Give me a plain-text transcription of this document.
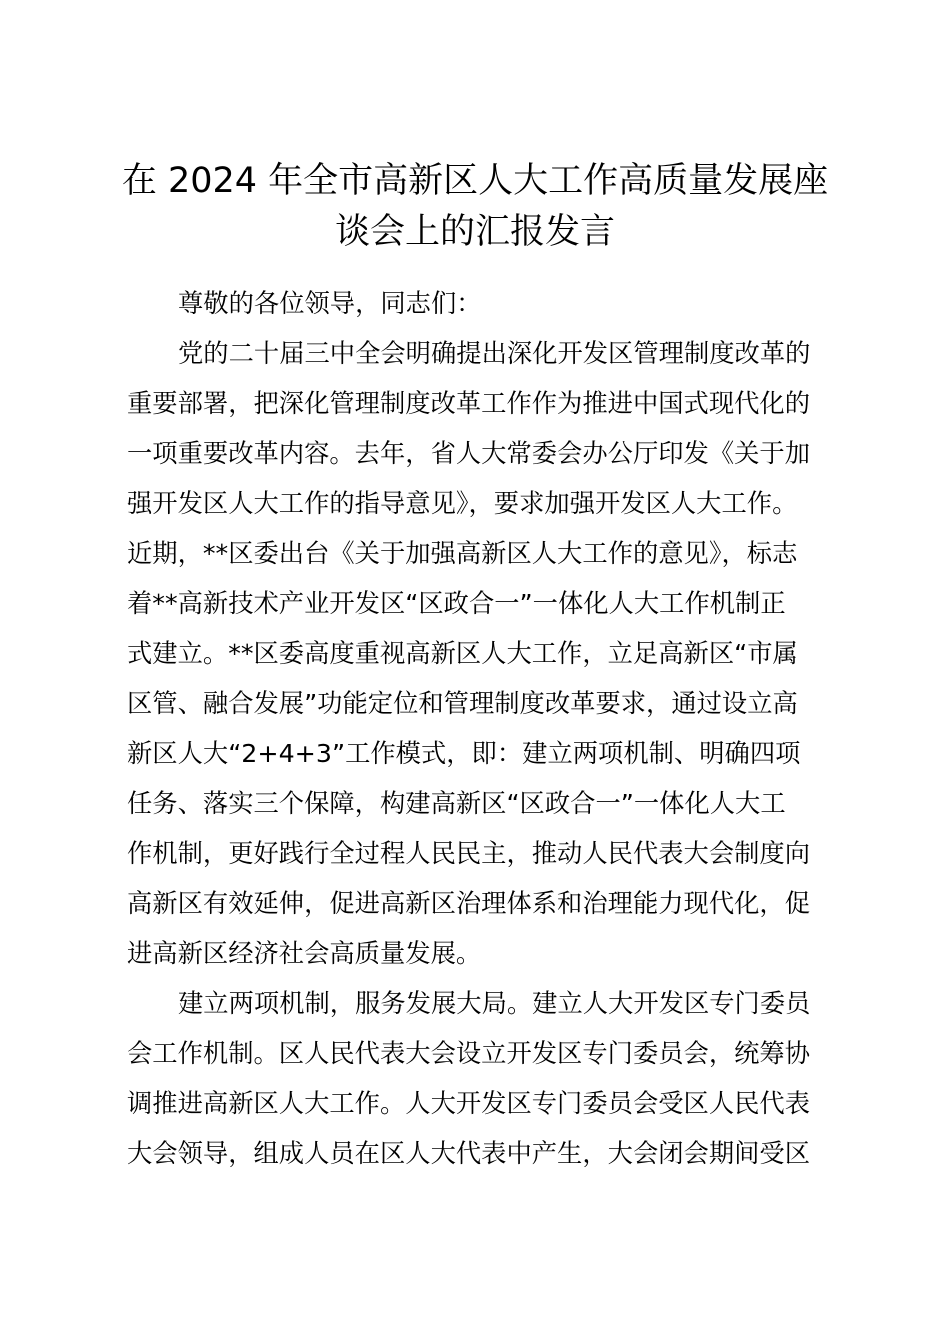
在 2024 年全市高新区人大工作高质量发展座
谈会上的汇报发言
尊敬的各位领导，同志们：
党的二十届三中全会明确提出深化开发区管理制度改革的
重要部署，把深化管理制度改革工作作为推进中国式现代化的
一项重要改革内容。去年，省人大常委会办公厅印发《关于加
强开发区人大工作的指导意见》，要求加强开发区人大工作。
近期，**区委出台《关于加强高新区人大工作的意见》，标志
着**高新技术产业开发区“区政合一”一体化人大工作机制正
式建立。**区委高度重视高新区人大工作，立足高新区“市属
区管、融合发展”功能定位和管理制度改革要求，通过设立高
新区人大“2+4+3”工作模式，即：建立两项机制、明确四项
任务、落实三个保障，构建高新区“区政合一”一体化人大工
作机制，更好践行全过程人民民主，推动人民代表大会制度向
高新区有效延伸，促进高新区治理体系和治理能力现代化，促
进高新区经济社会高质量发展。
建立两项机制，服务发展大局。建立人大开发区专门委员
会工作机制。区人民代表大会设立开发区专门委员会，统筹协
调推进高新区人大工作。人大开发区专门委员会受区人民代表
大会领导，组成人员在区人大代表中产生，大会闭会期间受区
